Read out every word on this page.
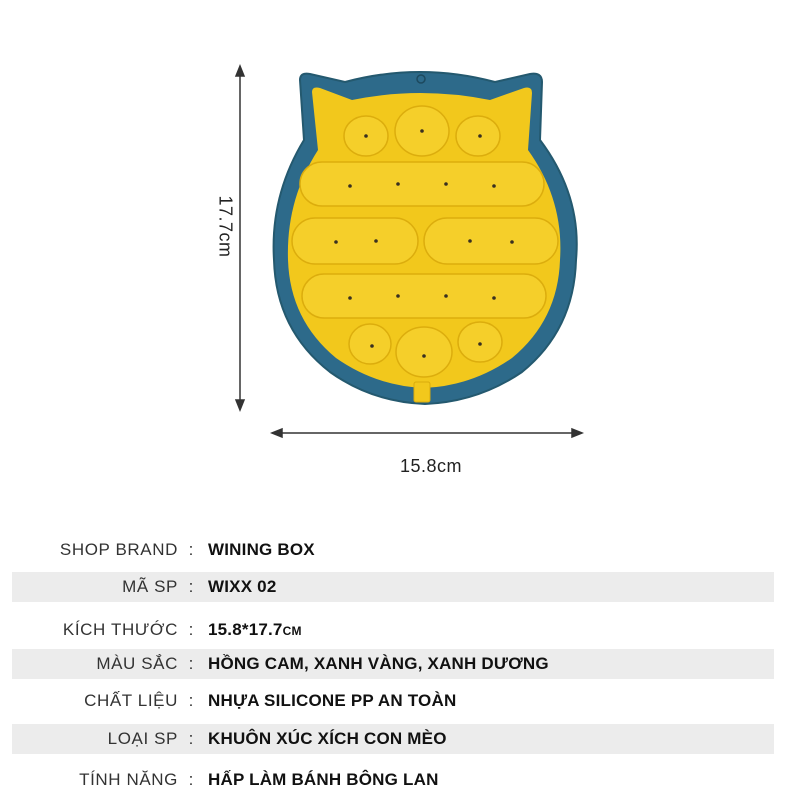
17.7cm
15.8cm
SHOP BRAND : WINING BOX
MÃ SP : WIXX 02
KÍCH THƯỚC : 15.8*17.7CM
MÀU SẮC : HỒNG CAM, XANH VÀNG, XANH DƯƠNG
CHẤT LIỆU : NHỰA SILICONE PP AN TOÀN
LOẠI SP : KHUÔN XÚC XÍCH CON MÈO
TÍNH NĂNG : HẤP LÀM BÁNH BÔNG LAN
